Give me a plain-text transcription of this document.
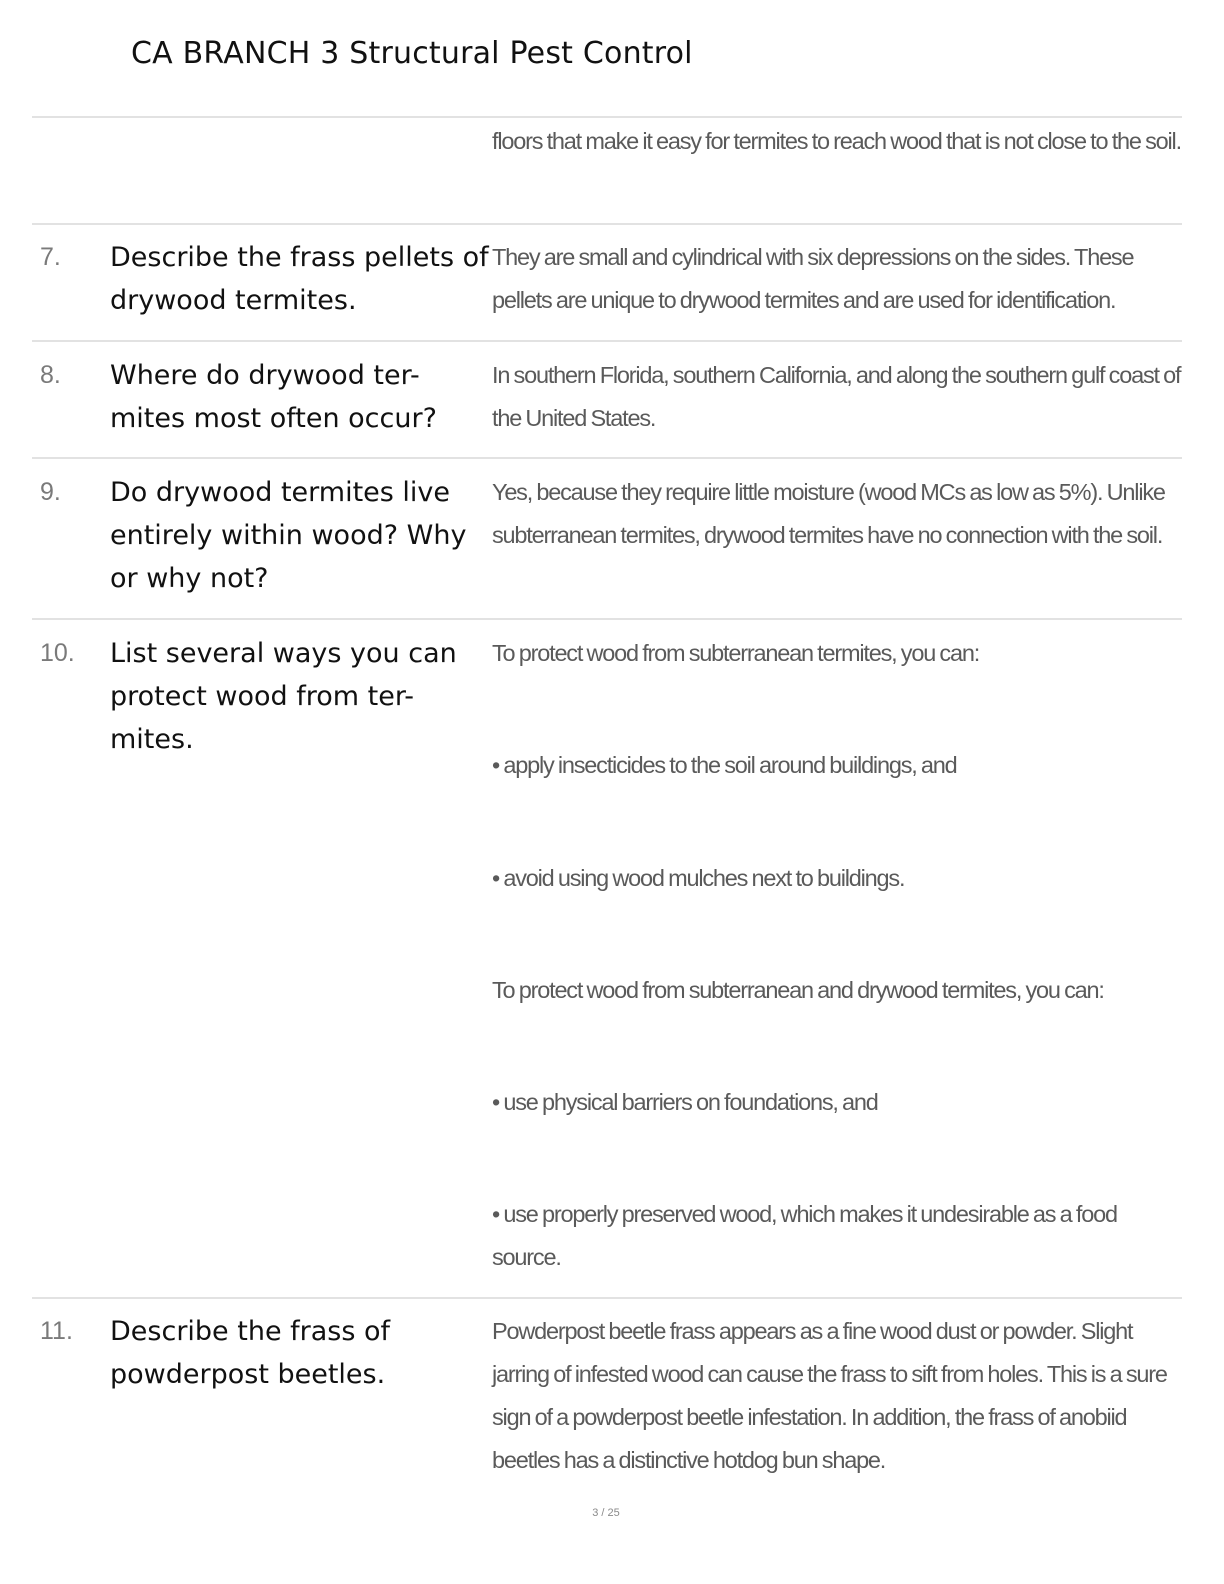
CA BRANCH 3 Structural Pest Control
floors that make it easy for termites to reach wood that is not close to the soil.
7. Describe the frass pellets of drywood termites.
They are small and cylindrical with six depressions on the sides. These pellets are unique to drywood termites and are used for identification.
8. Where do drywood ter-mites most often occur?
In southern Florida, southern California, and along the southern gulf coast of the United States.
9. Do drywood termites live entirely within wood? Why or why not?
Yes, because they require little moisture (wood MCs as low as 5%). Unlike subterranean termites, drywood termites have no connection with the soil.
10. List several ways you can protect wood from ter-mites.
To protect wood from subterranean termites, you can:
• apply insecticides to the soil around buildings, and
• avoid using wood mulches next to buildings.
To protect wood from subterranean and drywood termites, you can:
• use physical barriers on foundations, and
• use properly preserved wood, which makes it undesirable as a food source.
11. Describe the frass of powderpost beetles.
Powderpost beetle frass appears as a fine wood dust or powder. Slight jarring of infested wood can cause the frass to sift from holes. This is a sure sign of a powderpost beetle infestation. In addition, the frass of anobiid beetles has a distinctive hotdog bun shape.
3 / 25
